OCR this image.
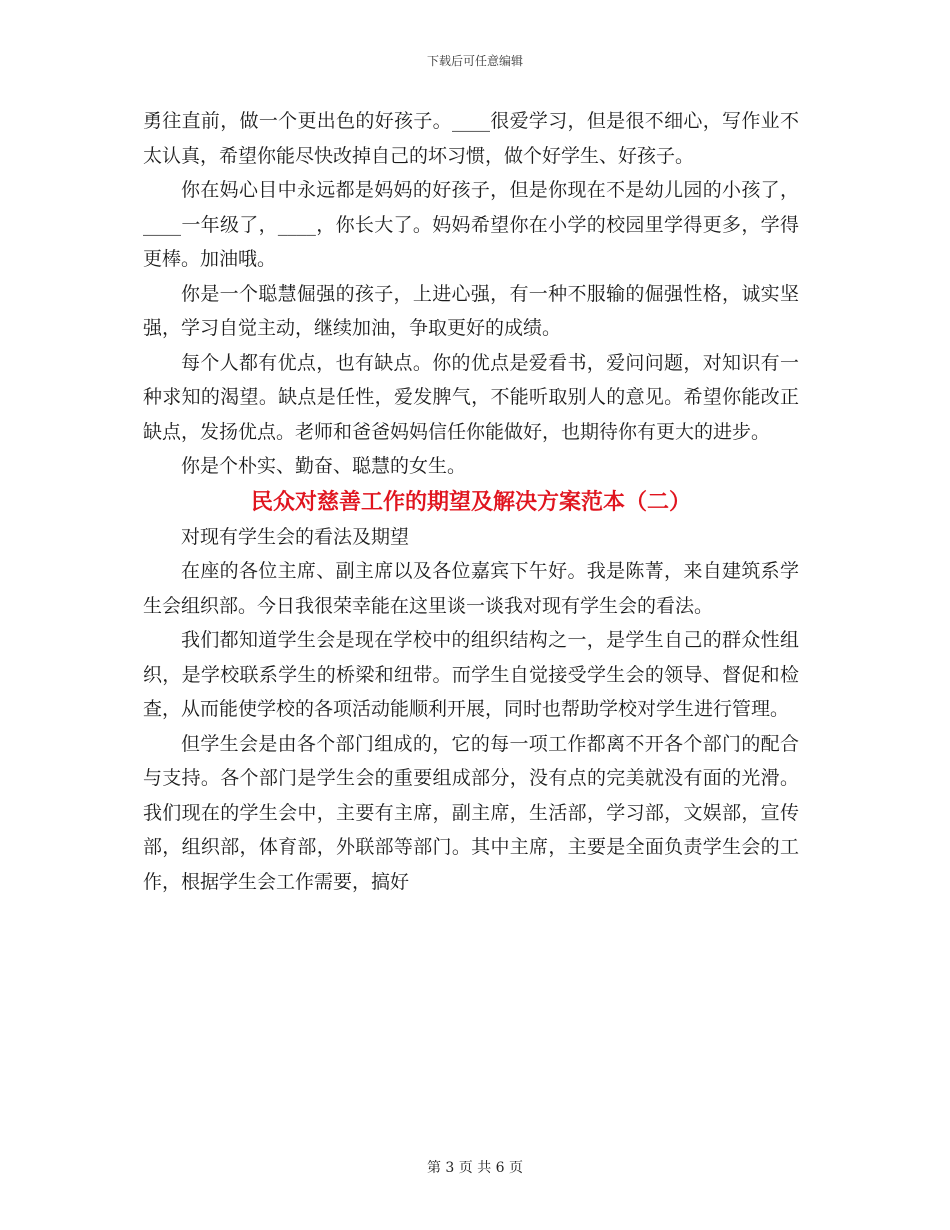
下载后可任意编辑

勇往直前，做一个更出色的好孩子。____很爱学习，但是很不细心，写作业不太认真，希望你能尽快改掉自己的坏习惯，做个好学生、好孩子。

你在妈心目中永远都是妈妈的好孩子，但是你现在不是幼儿园的小孩了，____一年级了，____，你长大了。妈妈希望你在小学的校园里学得更多，学得更棒。加油哦。

你是一个聪慧倔强的孩子，上进心强，有一种不服输的倔强性格，诚实坚强，学习自觉主动，继续加油，争取更好的成绩。

每个人都有优点，也有缺点。你的优点是爱看书，爱问问题，对知识有一种求知的渴望。缺点是任性，爱发脾气，不能听取别人的意见。希望你能改正缺点，发扬优点。老师和爸爸妈妈信任你能做好，也期待你有更大的进步。

你是个朴实、勤奋、聪慧的女生。

民众对慈善工作的期望及解决方案范本（二）

对现有学生会的看法及期望

在座的各位主席、副主席以及各位嘉宾下午好。我是陈菁，来自建筑系学生会组织部。今日我很荣幸能在这里谈一谈我对现有学生会的看法。

我们都知道学生会是现在学校中的组织结构之一，是学生自己的群众性组织，是学校联系学生的桥梁和纽带。而学生自觉接受学生会的领导、督促和检查，从而能使学校的各项活动能顺利开展，同时也帮助学校对学生进行管理。

但学生会是由各个部门组成的，它的每一项工作都离不开各个部门的配合与支持。各个部门是学生会的重要组成部分，没有点的完美就没有面的光滑。我们现在的学生会中，主要有主席，副主席，生活部，学习部，文娱部，宣传部，组织部，体育部，外联部等部门。其中主席，主要是全面负责学生会的工作，根据学生会工作需要，搞好

第 3 页 共 6 页
